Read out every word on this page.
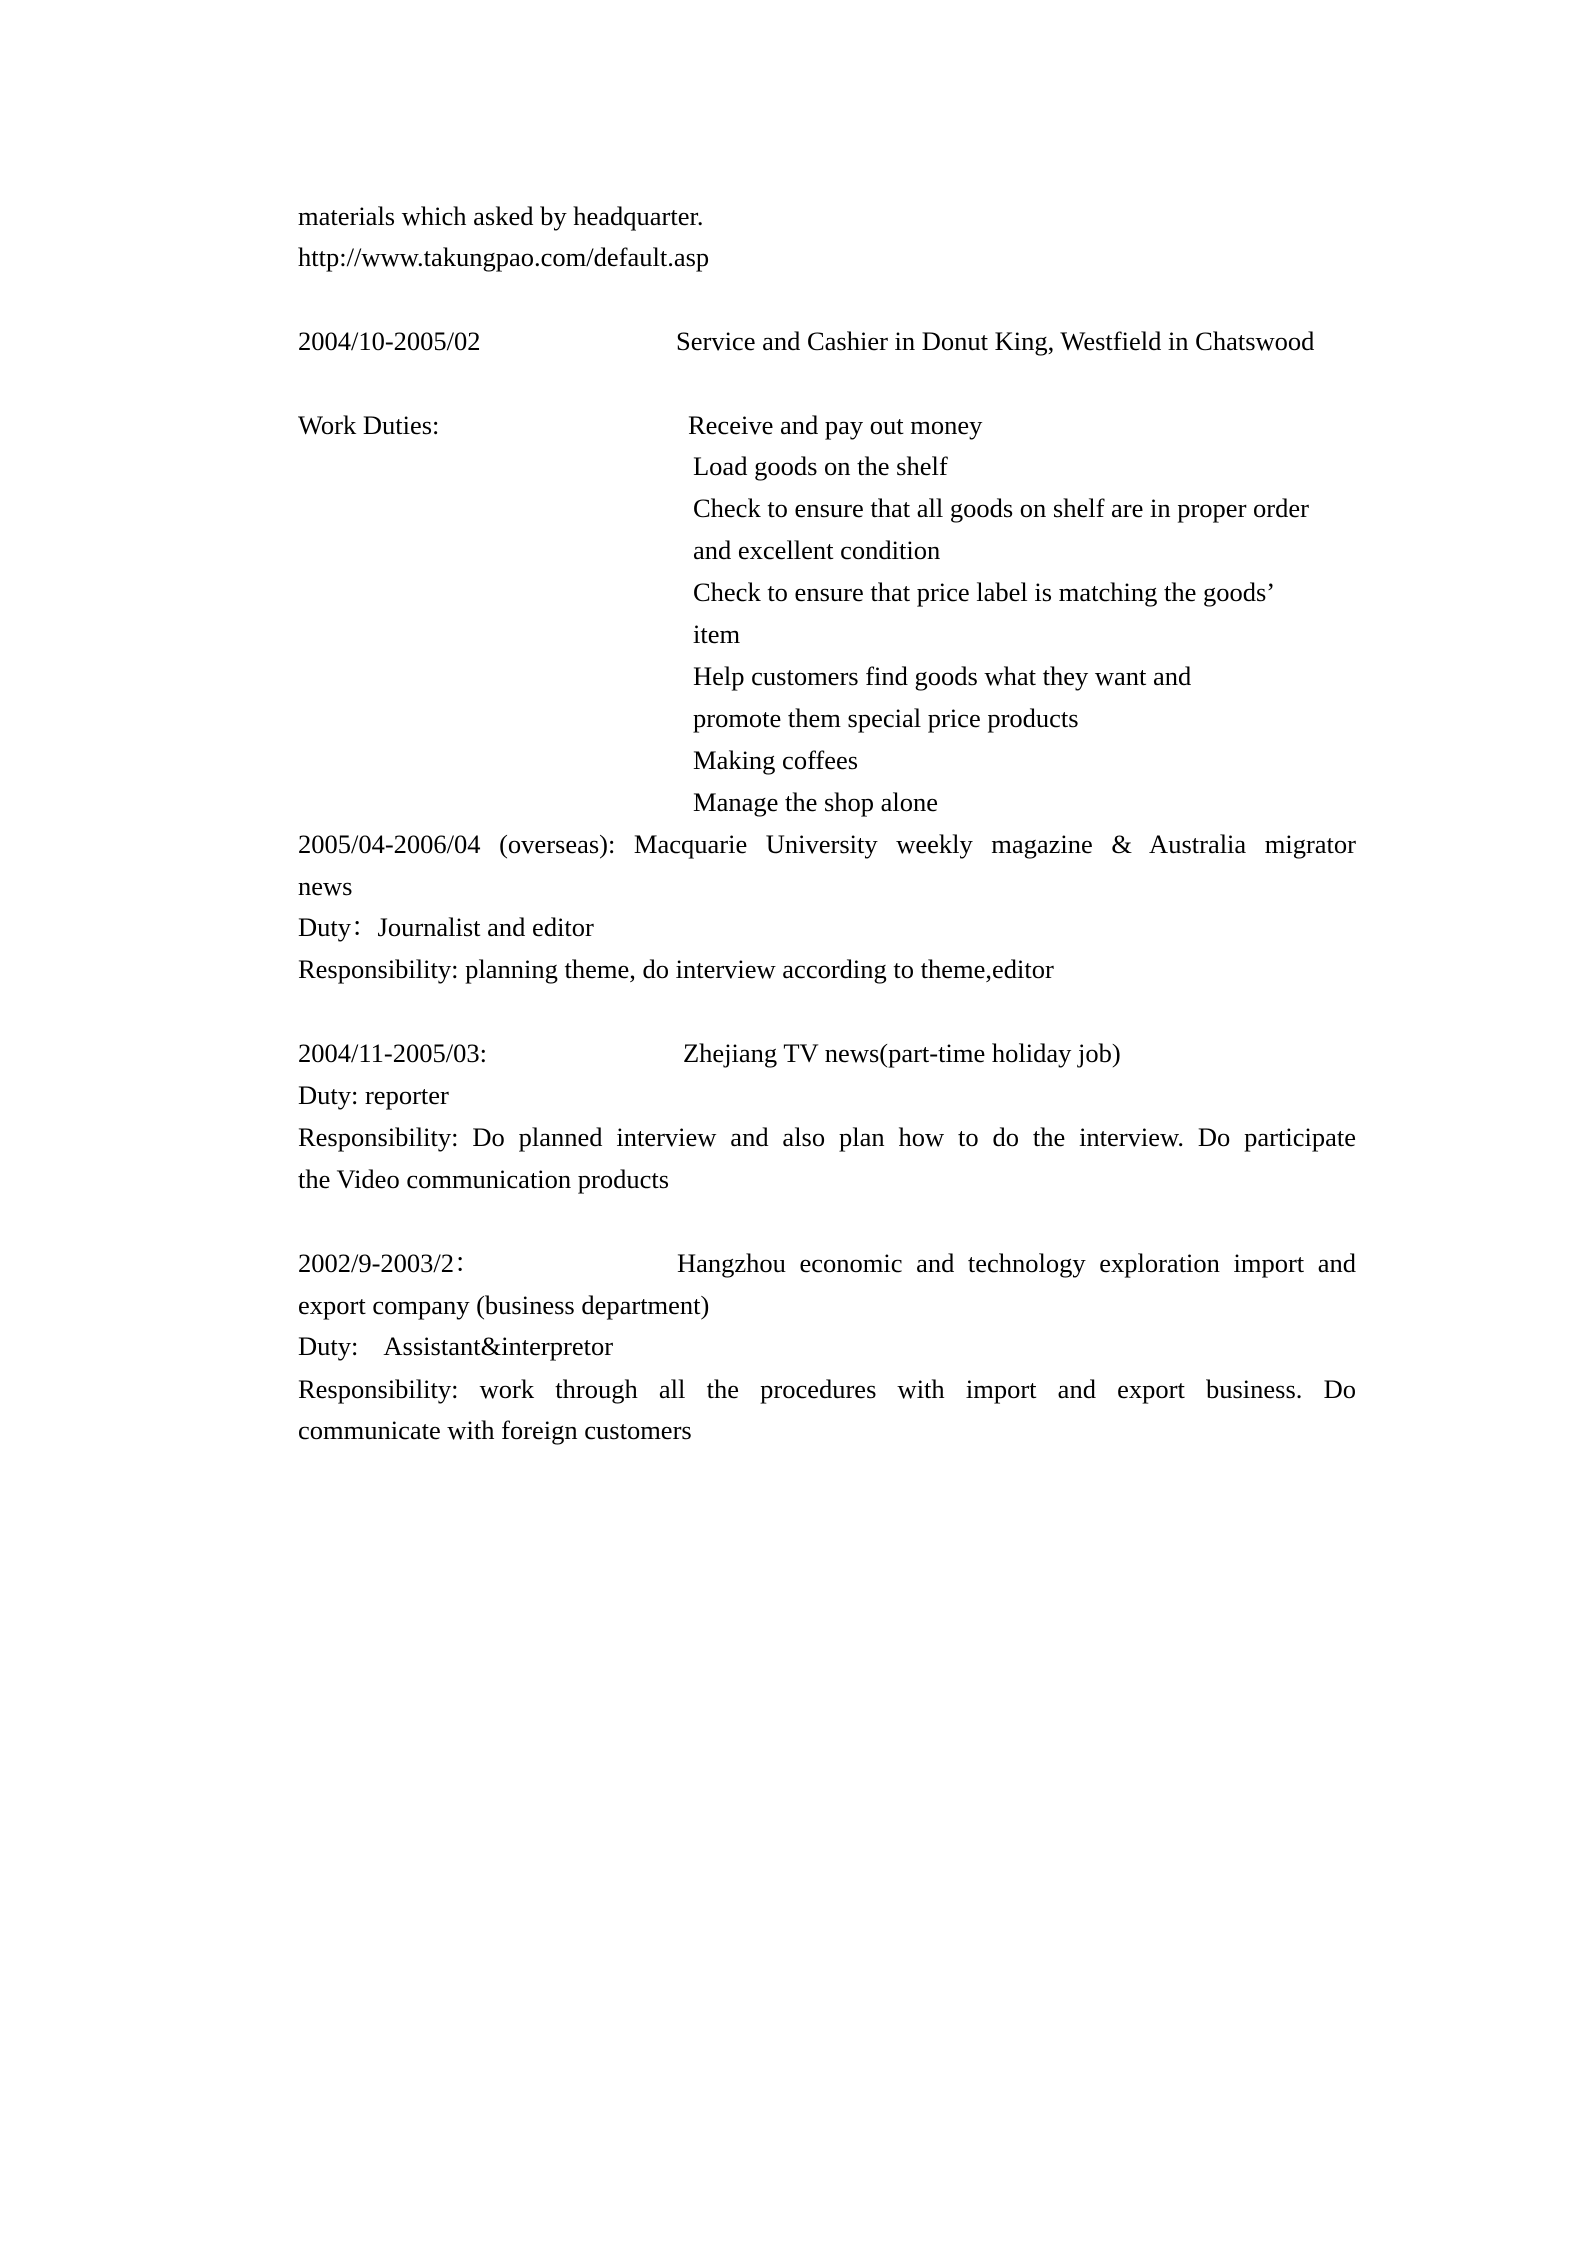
materials which asked by headquarter.
http://www.takungpao.com/default.asp
2004/10-2005/02	Service and Cashier in Donut King, Westfield in Chatswood
Work Duties:	Receive and pay out money
Load goods on the shelf
Check to ensure that all goods on shelf are in proper order
and excellent condition
Check to ensure that price label is matching the goods’
item
Help customers find goods what they want and
promote them special price products
Making coffees
Manage the shop alone
2005/04-2006/04 (overseas): Macquarie University weekly magazine & Australia migrator
news
Duty：Journalist and editor
Responsibility: planning theme, do interview according to theme,editor
2004/11-2005/03:	Zhejiang TV news(part-time holiday job)
Duty: reporter
Responsibility: Do planned interview and also plan how to do the interview. Do participate
the Video communication products
2002/9-2003/2：	Hangzhou economic and technology exploration import and
export company (business department)
Duty:    Assistant&interpretor
Responsibility: work through all the procedures with import and export business. Do
communicate with foreign customers
